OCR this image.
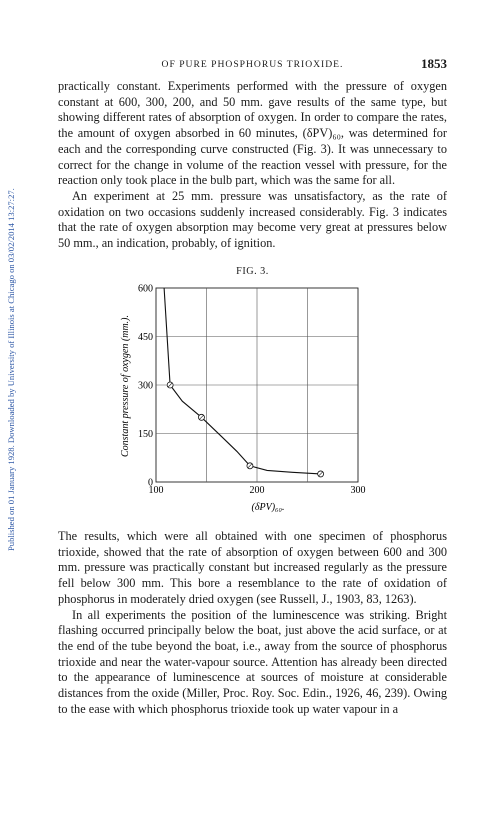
Published on 01 January 1928. Downloaded by University of Illinois at Chicago on 03/02/2014 13:27:27.
OF PURE PHOSPHORUS TRIOXIDE.	1853

practically constant. Experiments performed with the pressure of oxygen constant at 600, 300, 200, and 50 mm. gave results of the same type, but showing different rates of absorption of oxygen. In order to compare the rates, the amount of oxygen absorbed in 60 minutes, (δPV)₆₀, was determined for each and the corresponding curve constructed (Fig. 3). It was unnecessary to correct for the change in volume of the reaction vessel with pressure, for the reaction only took place in the bulb part, which was the same for all.

An experiment at 25 mm. pressure was unsatisfactory, as the rate of oxidation on two occasions suddenly increased considerably. Fig. 3 indicates that the rate of oxygen absorption may become very great at pressures below 50 mm., an indication, probably, of ignition.

FIG. 3.
0
150
300
450
600
100	200	300
(δPV)₆₀.
Constant pressure of oxygen (mm.).

The results, which were all obtained with one specimen of phosphorus trioxide, showed that the rate of absorption of oxygen between 600 and 300 mm. pressure was practically constant but increased regularly as the pressure fell below 300 mm. This bore a resemblance to the rate of oxidation of phosphorus in moderately dried oxygen (see Russell, J., 1903, 83, 1263).

In all experiments the position of the luminescence was striking. Bright flashing occurred principally below the boat, just above the acid surface, or at the end of the tube beyond the boat, i.e., away from the source of phosphorus trioxide and near the water-vapour source. Attention has already been directed to the appearance of luminescence at sources of moisture at considerable distances from the oxide (Miller, Proc. Roy. Soc. Edin., 1926, 46, 239). Owing to the ease with which phosphorus trioxide took up water vapour in a
